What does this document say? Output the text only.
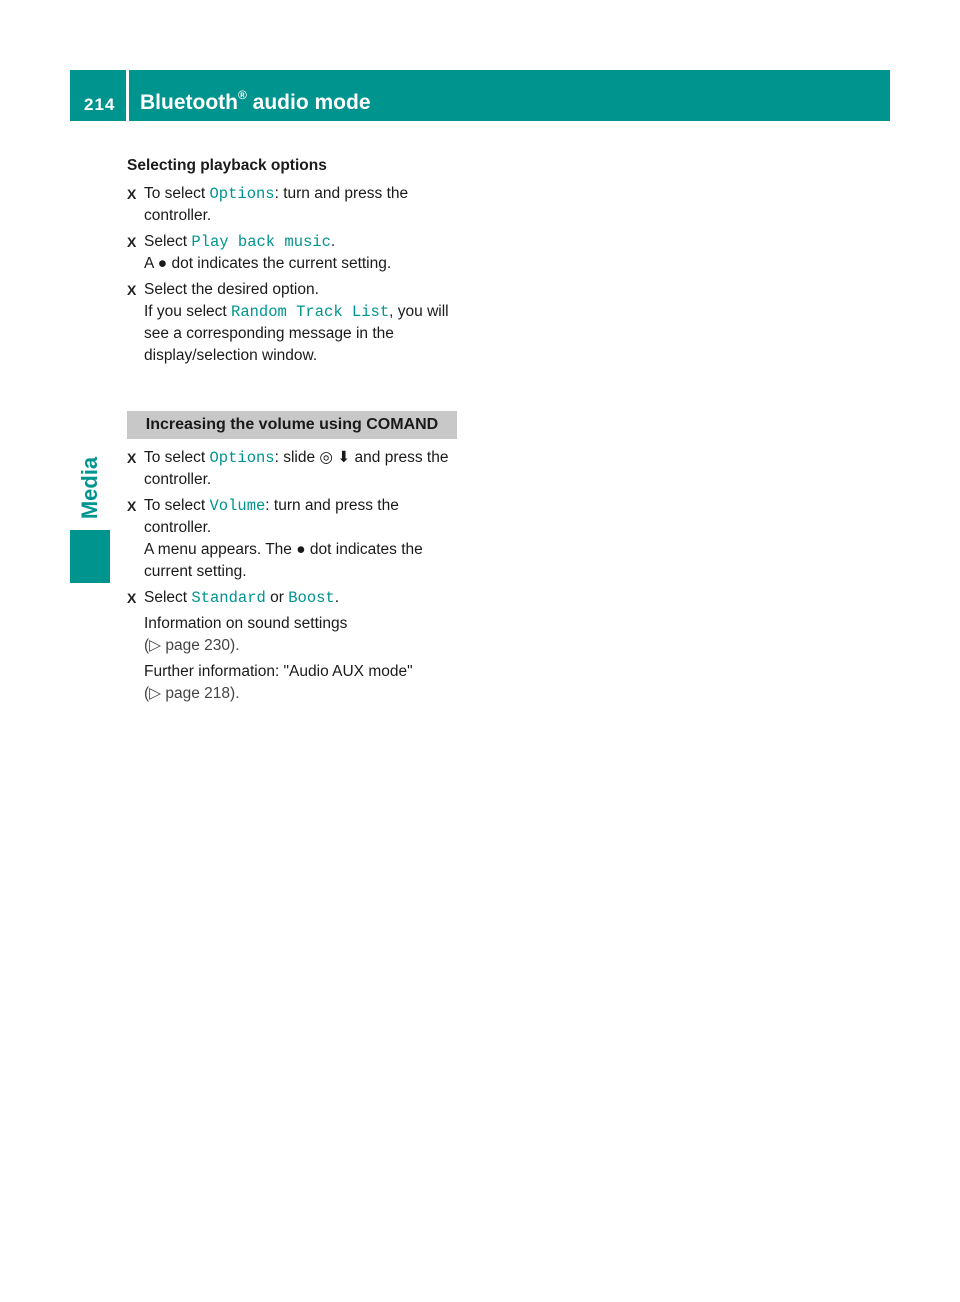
214 Bluetooth® audio mode
Media
Selecting playback options
X To select Options: turn and press the controller.
X Select Play back music.
A ● dot indicates the current setting.
X Select the desired option.
If you select Random Track List, you will see a corresponding message in the display/selection window.
Increasing the volume using COMAND
X To select Options: slide ◎ ⬇ and press the controller.
X To select Volume: turn and press the controller.
A menu appears. The ● dot indicates the current setting.
X Select Standard or Boost.
Information on sound settings
(▷ page 230).
Further information: "Audio AUX mode"
(▷ page 218).
